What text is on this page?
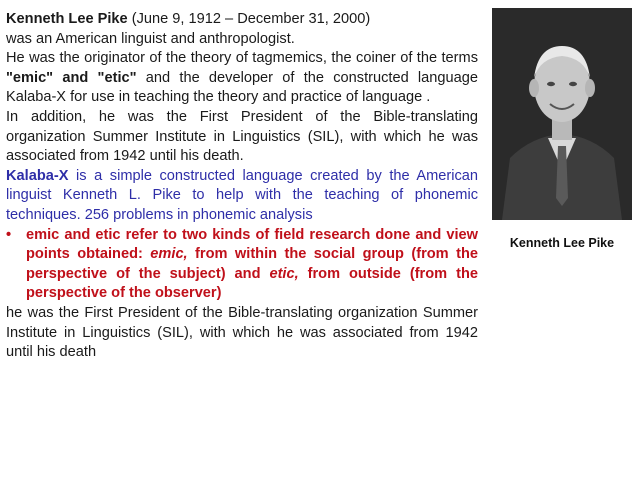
Kenneth Lee Pike (June 9, 1912 – December 31, 2000)
was an American linguist and anthropologist.

He was the originator of the theory of tagmemics, the coiner of the terms "emic" and "etic" and the developer of the constructed language Kalaba-X for use in teaching the theory and practice of language .

In addition, he was the First President of the Bible-translating organization Summer Institute in Linguistics (SIL), with which he was associated from 1942 until his death.

Kalaba-X is a simple constructed language created by the American linguist Kenneth L. Pike to help with the teaching of phonemic techniques. 256 problems in phonemic analysis

•	emic and etic refer to two kinds of field research done and view points obtained: emic, from within the social group (from the perspective of the subject) and etic, from outside (from the perspective of the observer)

he was the First President of the Bible-translating organization Summer Institute in Linguistics (SIL), with which he was associated from 1942 until his death

Kenneth Lee Pike
